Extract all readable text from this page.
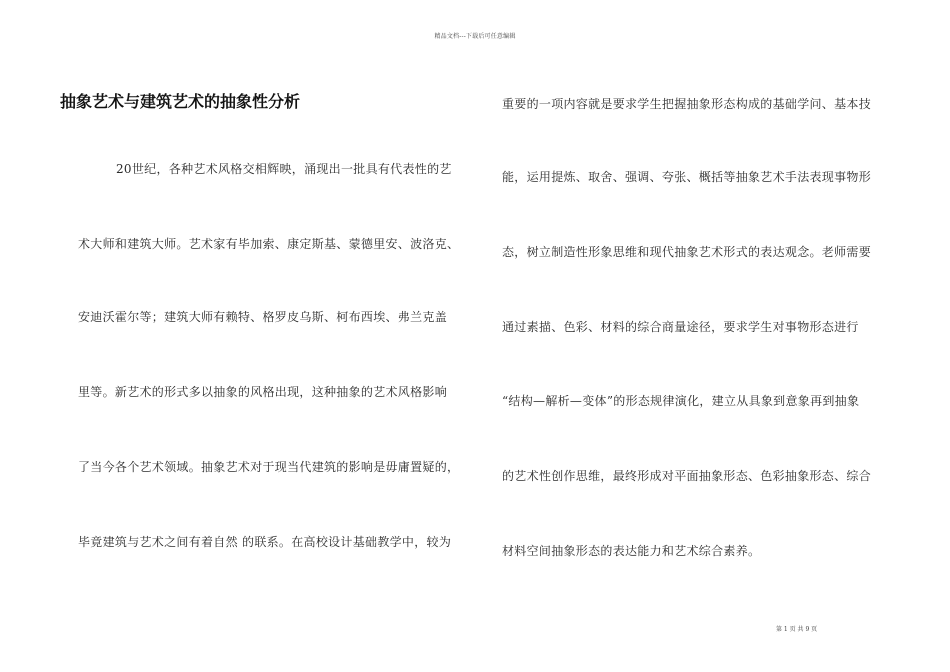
精品文档---下载后可任意编辑
抽象艺术与建筑艺术的抽象性分析
20世纪，各种艺术风格交相辉映，涌现出一批具有代表性的艺
术大师和建筑大师。艺术家有毕加索、康定斯基、蒙德里安、波洛克、
安迪沃霍尔等；建筑大师有赖特、格罗皮乌斯、柯布西埃、弗兰克盖
里等。新艺术的形式多以抽象的风格出现，这种抽象的艺术风格影响
了当今各个艺术领域。抽象艺术对于现当代建筑的影响是毋庸置疑的，
毕竟建筑与艺术之间有着自然 的联系。在高校设计基础教学中，较为
重要的一项内容就是要求学生把握抽象形态构成的基础学问、基本技
能，运用提炼、取舍、强调、夸张、概括等抽象艺术手法表现事物形
态，树立制造性形象思维和现代抽象艺术形式的表达观念。老师需要
通过素描、色彩、材料的综合商量途径，要求学生对事物形态进行
“结构—解析—变体”的形态规律演化，建立从具象到意象再到抽象
的艺术性创作思维，最终形成对平面抽象形态、色彩抽象形态、综合
材料空间抽象形态的表达能力和艺术综合素养。
第 1 页 共 9 页
